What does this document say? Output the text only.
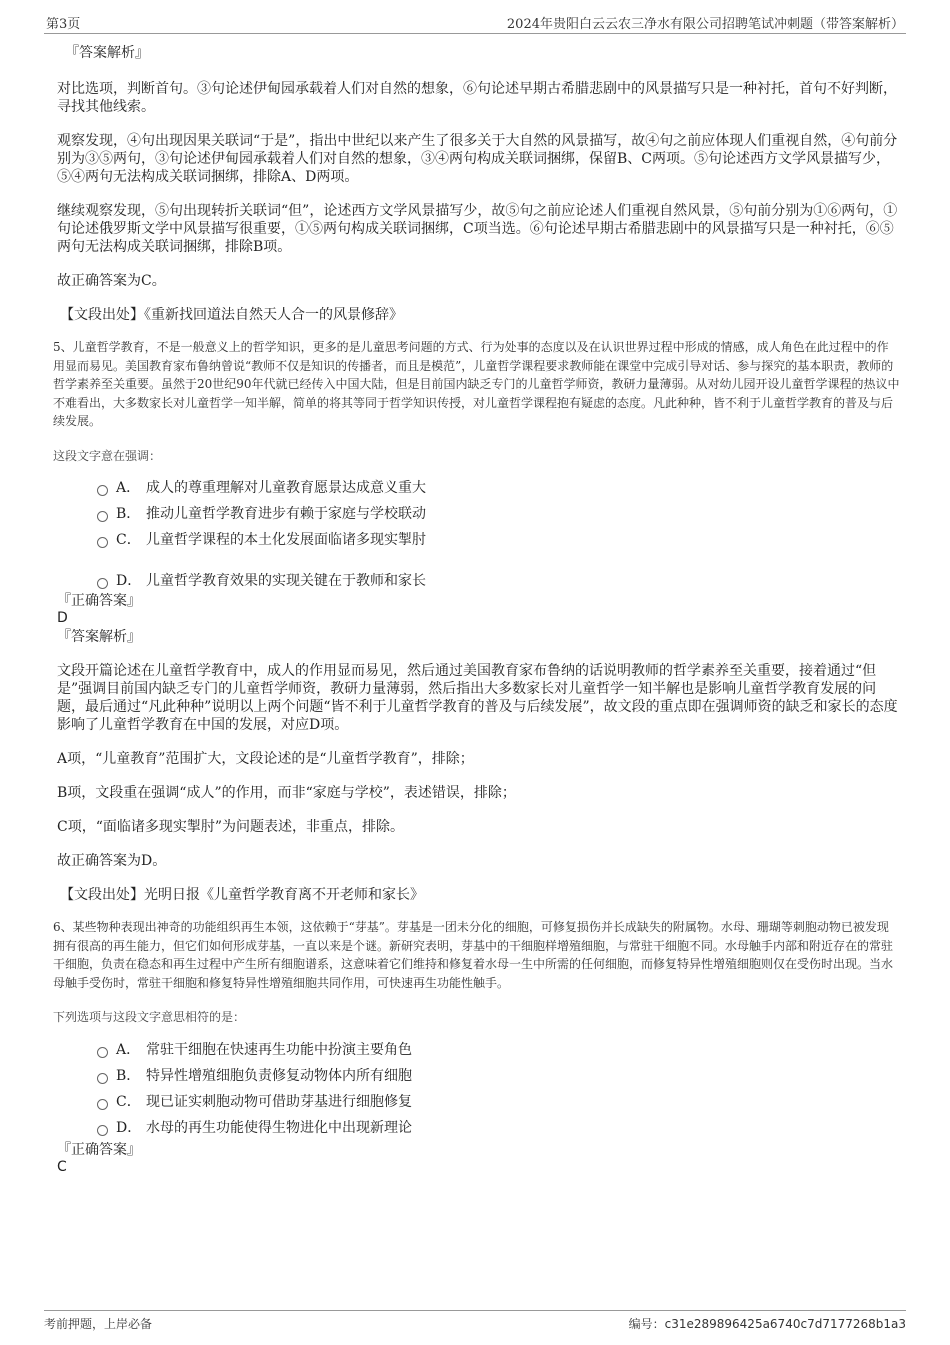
第3页	2024年贵阳白云云农三净水有限公司招聘笔试冲刺题（带答案解析）

『答案解析』

对比选项，判断首句。③句论述伊甸园承载着人们对自然的想象，⑥句论述早期古希腊悲剧中的风景描写只是一种衬托，首句不好判断，寻找其他线索。

观察发现，④句出现因果关联词“于是”，指出中世纪以来产生了很多关于大自然的风景描写，故④句之前应体现人们重视自然，④句前分别为③⑤两句，③句论述伊甸园承载着人们对自然的想象，③④两句构成关联词捆绑，保留B、C两项。⑤句论述西方文学风景描写少，⑤④两句无法构成关联词捆绑，排除A、D两项。

继续观察发现，⑤句出现转折关联词“但”，论述西方文学风景描写少，故⑤句之前应论述人们重视自然风景，⑤句前分别为①⑥两句，①句论述俄罗斯文学中风景描写很重要，①⑤两句构成关联词捆绑，C项当选。⑥句论述早期古希腊悲剧中的风景描写只是一种衬托，⑥⑤两句无法构成关联词捆绑，排除B项。

故正确答案为C。

【文段出处】《重新找回道法自然天人合一的风景修辞》

5、儿童哲学教育，不是一般意义上的哲学知识，更多的是儿童思考问题的方式、行为处事的态度以及在认识世界过程中形成的情感，成人角色在此过程中的作用显而易见。美国教育家布鲁纳曾说“教师不仅是知识的传播者，而且是模范”，儿童哲学课程要求教师能在课堂中完成引导对话、参与探究的基本职责，教师的哲学素养至关重要。虽然于20世纪90年代就已经传入中国大陆，但是目前国内缺乏专门的儿童哲学师资，教研力量薄弱。从对幼儿园开设儿童哲学课程的热议中不难看出，大多数家长对儿童哲学一知半解，简单的将其等同于哲学知识传授，对儿童哲学课程抱有疑虑的态度。凡此种种，皆不利于儿童哲学教育的普及与后续发展。

这段文字意在强调：

A． 成人的尊重理解对儿童教育愿景达成意义重大
B． 推动儿童哲学教育进步有赖于家庭与学校联动
C． 儿童哲学课程的本土化发展面临诸多现实掣肘
D． 儿童哲学教育效果的实现关键在于教师和家长

『正确答案』

D

『答案解析』

文段开篇论述在儿童哲学教育中，成人的作用显而易见，然后通过美国教育家布鲁纳的话说明教师的哲学素养至关重要，接着通过“但是”强调目前国内缺乏专门的儿童哲学师资，教研力量薄弱，然后指出大多数家长对儿童哲学一知半解也是影响儿童哲学教育发展的问题，最后通过“凡此种种”说明以上两个问题“皆不利于儿童哲学教育的普及与后续发展”，故文段的重点即在强调师资的缺乏和家长的态度影响了儿童哲学教育在中国的发展，对应D项。

A项，“儿童教育”范围扩大，文段论述的是“儿童哲学教育”，排除；

B项，文段重在强调“成人”的作用，而非“家庭与学校”，表述错误，排除；

C项，“面临诸多现实掣肘”为问题表述，非重点，排除。

故正确答案为D。

【文段出处】光明日报《儿童哲学教育离不开老师和家长》

6、某些物种表现出神奇的功能组织再生本领，这依赖于“芽基”。芽基是一团未分化的细胞，可修复损伤并长成缺失的附属物。水母、珊瑚等刺胞动物已被发现拥有很高的再生能力，但它们如何形成芽基，一直以来是个谜。新研究表明，芽基中的干细胞样增殖细胞，与常驻干细胞不同。水母触手内部和附近存在的常驻干细胞，负责在稳态和再生过程中产生所有细胞谱系，这意味着它们维持和修复着水母一生中所需的任何细胞，而修复特异性增殖细胞则仅在受伤时出现。当水母触手受伤时，常驻干细胞和修复特异性增殖细胞共同作用，可快速再生功能性触手。

下列选项与这段文字意思相符的是：

A． 常驻干细胞在快速再生功能中扮演主要角色
B． 特异性增殖细胞负责修复动物体内所有细胞
C． 现已证实刺胞动物可借助芽基进行细胞修复
D． 水母的再生功能使得生物进化中出现新理论

『正确答案』

C

考前押题，上岸必备	编号：c31e289896425a6740c7d7177268b1a3
